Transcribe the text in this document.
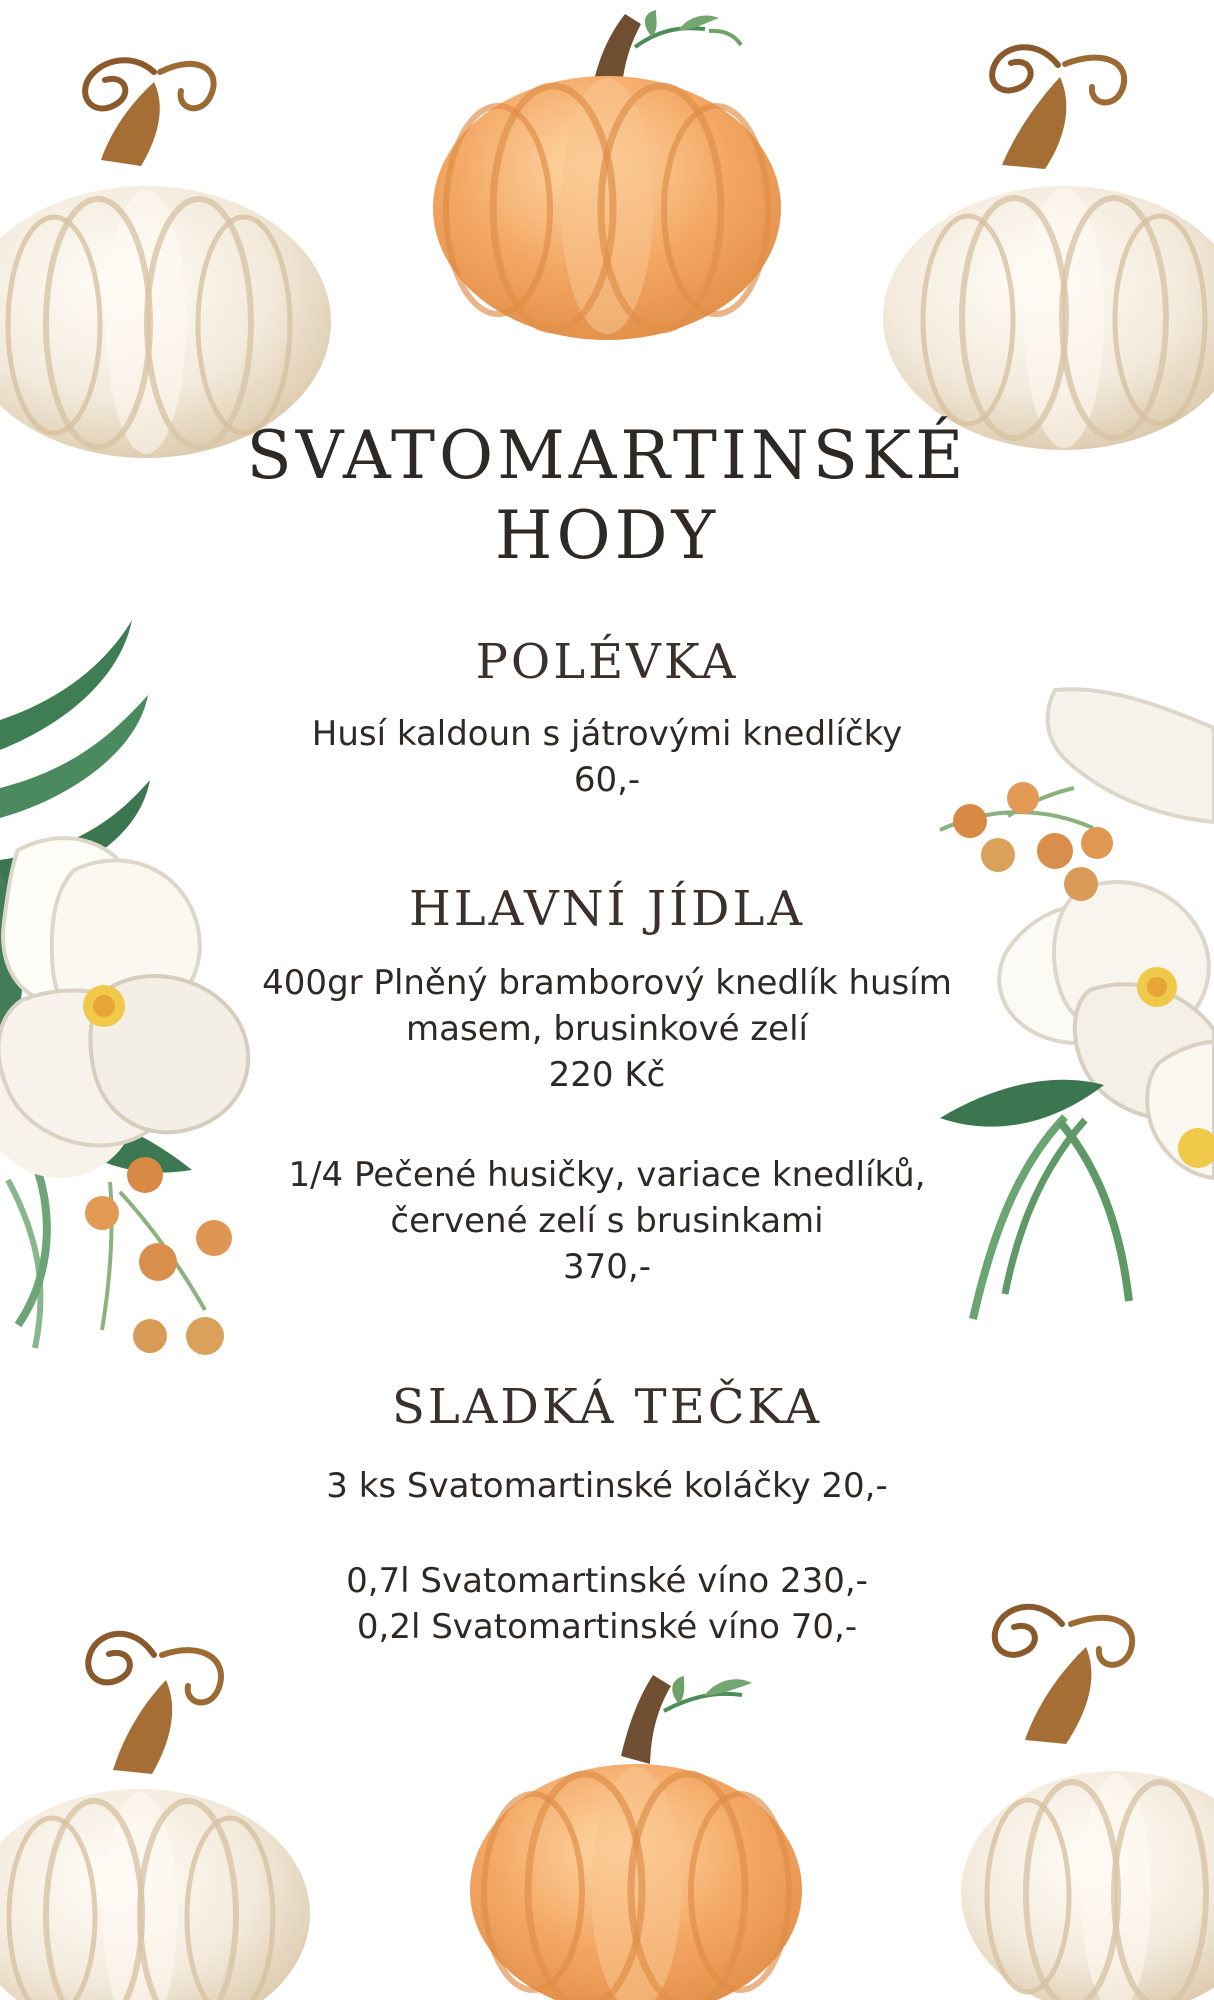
SVATOMARTINSKÉ
HODY
POLÉVKA
Husí kaldoun s játrovými knedlíčky
60,-
HLAVNÍ JÍDLA
400gr Plněný bramborový knedlík husím
masem, brusinkové zelí
220 Kč
1/4 Pečené husičky, variace knedlíků,
červené zelí s brusinkami
370,-
SLADKÁ TEČKA
3 ks Svatomartinské koláčky 20,-
0,7l Svatomartinské víno 230,-
0,2l Svatomartinské víno 70,-
